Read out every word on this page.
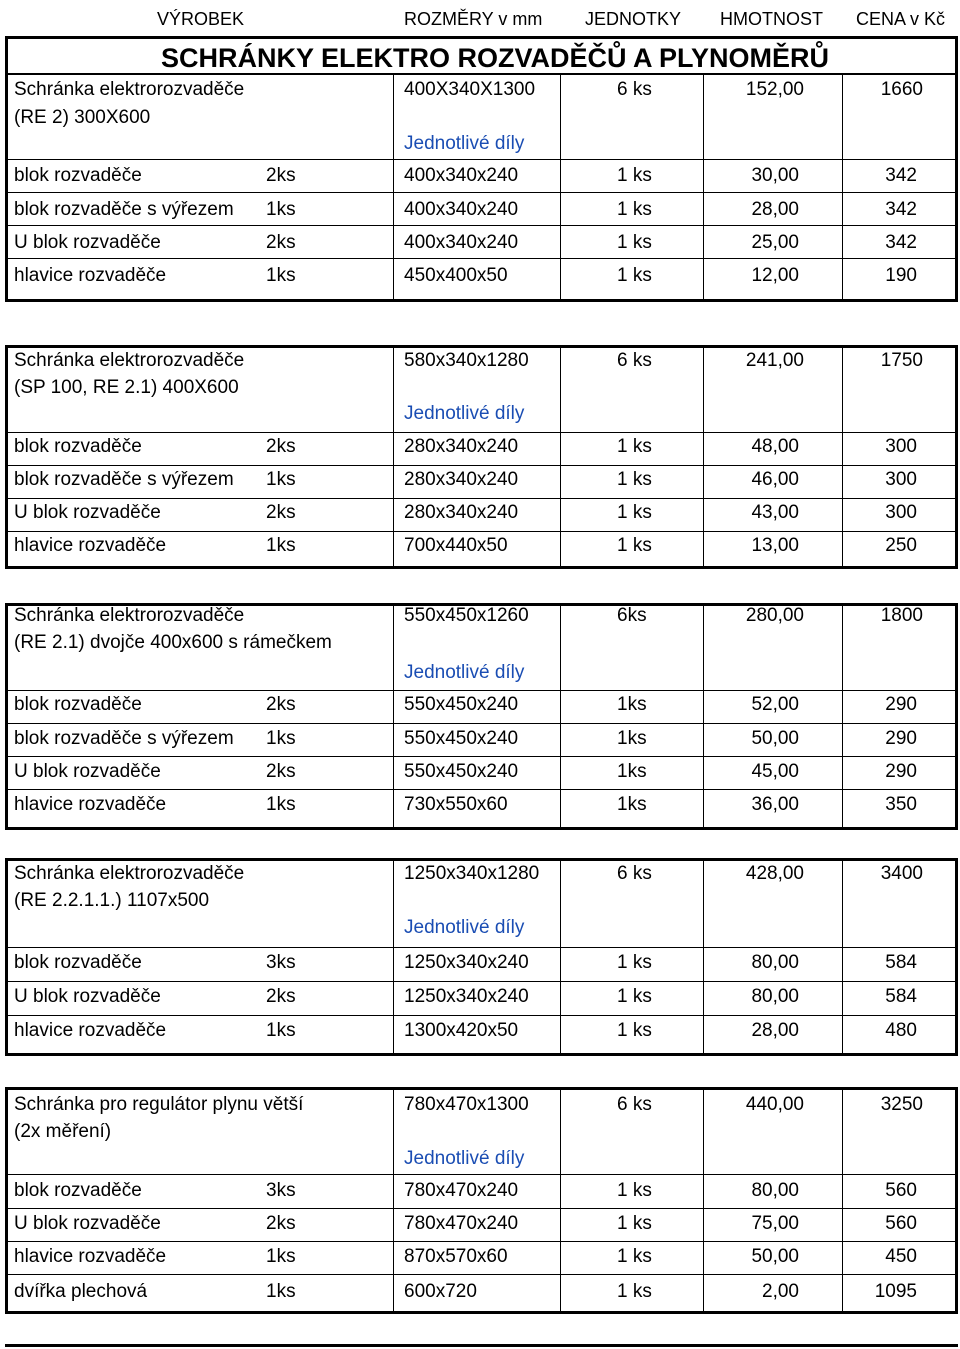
VÝROBEK	ROZMĚRY v mm JEDNOTKY HMOTNOST CENA v Kč
SCHRÁNKY ELEKTRO ROZVADĚČŮ A PLYNOMĚRŮ
Schránka elektrorozvaděče
(RE 2) 300X600
400X340X1300	6 ks	152,00	1660
Jednotlivé díly
blok rozvaděče	2ks	400x340x240	1 ks	30,00	342
blok rozvaděče s výřezem 1ks	400x340x240	1 ks	28,00	342
U blok rozvaděče	2ks	400x340x240	1 ks	25,00	342
hlavice rozvaděče	1ks	450x400x50	1 ks	12,00	190
Schránka elektrorozvaděče
(SP 100, RE 2.1) 400X600
580x340x1280	6 ks	241,00	1750
Jednotlivé díly
blok rozvaděče	2ks	280x340x240	1 ks	48,00	300
blok rozvaděče s výřezem 1ks	280x340x240	1 ks	46,00	300
U blok rozvaděče	2ks	280x340x240	1 ks	43,00	300
hlavice rozvaděče	1ks	700x440x50	1 ks	13,00	250
Schránka elektrorozvaděče
(RE 2.1) dvojče 400x600 s rámečkem
550x450x1260	6ks	280,00	1800
Jednotlivé díly
blok rozvaděče	2ks	550x450x240	1ks	52,00	290
blok rozvaděče s výřezem 1ks	550x450x240	1ks	50,00	290
U blok rozvaděče	2ks	550x450x240	1ks	45,00	290
hlavice rozvaděče	1ks	730x550x60	1ks	36,00	350
Schránka elektrorozvaděče
(RE 2.2.1.1.) 1107x500
1250x340x1280	6 ks	428,00	3400
Jednotlivé díly
blok rozvaděče	3ks	1250x340x240	1 ks	80,00	584
U blok rozvaděče	2ks	1250x340x240	1 ks	80,00	584
hlavice rozvaděče	1ks	1300x420x50	1 ks	28,00	480
Schránka pro regulátor plynu větší
(2x měření)
780x470x1300	6 ks	440,00	3250
Jednotlivé díly
blok rozvaděče	3ks	780x470x240	1 ks	80,00	560
U blok rozvaděče	2ks	780x470x240	1 ks	75,00	560
hlavice rozvaděče	1ks	870x570x60	1 ks	50,00	450
dvířka plechová	1ks	600x720	1 ks	2,00	1095
